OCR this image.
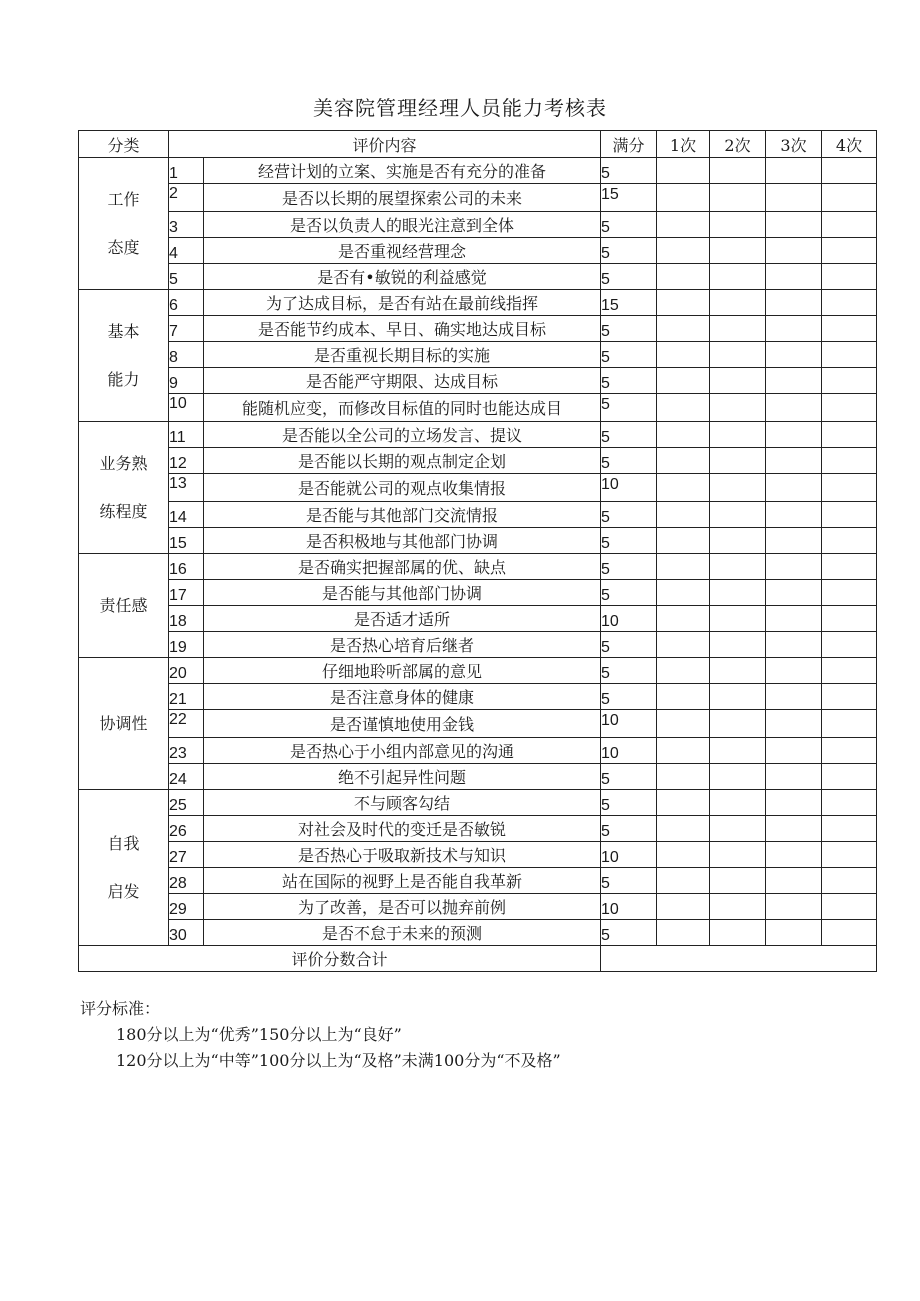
美容院管理经理人员能力考核表
分类	评价内容		满分	1次	2次	3次	4次

工作
态度	1	经营计划的立案、实施是否有充分的准备	5				
	2	是否以长期的展望探索公司的未来	15				
	3	是否以负责人的眼光注意到全体	5				
	4	是否重视经营理念	5				
	5	是否有•敏锐的利益感觉	5				

基本
能力	6	为了达成目标，是否有站在最前线指挥	15				
	7	是否能节约成本、早日、确实地达成目标	5				
	8	是否重视长期目标的实施	5				
	9	是否能严守期限、达成目标	5				
	10	能随机应变，而修改目标值的同时也能达成目	5				

业务熟
练程度	11	是否能以全公司的立场发言、提议	5				
	12	是否能以长期的观点制定企划	5				
	13	是否能就公司的观点收集情报	10				
	14	是否能与其他部门交流情报	5				
	15	是否积极地与其他部门协调	5				

责任感	16	是否确实把握部属的优、缺点	5				
	17	是否能与其他部门协调	5				
	18	是否适才适所	10				
	19	是否热心培育后继者	5				

协调性	20	仔细地聆听部属的意见	5				
	21	是否注意身体的健康	5				
	22	是否谨慎地使用金钱	10				
	23	是否热心于小组内部意见的沟通	10				
	24	绝不引起异性问题	5				

自我
启发	25	不与顾客勾结	5				
	26	对社会及时代的变迁是否敏锐	5				
	27	是否热心于吸取新技术与知识	10				
	28	站在国际的视野上是否能自我革新	5				
	29	为了改善，是否可以抛弃前例	10				
	30	是否不怠于未来的预测	5				
评价分数合计							
评分标准：
180分以上为“优秀”150分以上为“良好”
120分以上为“中等”100分以上为“及格”未满100分为“不及格”
